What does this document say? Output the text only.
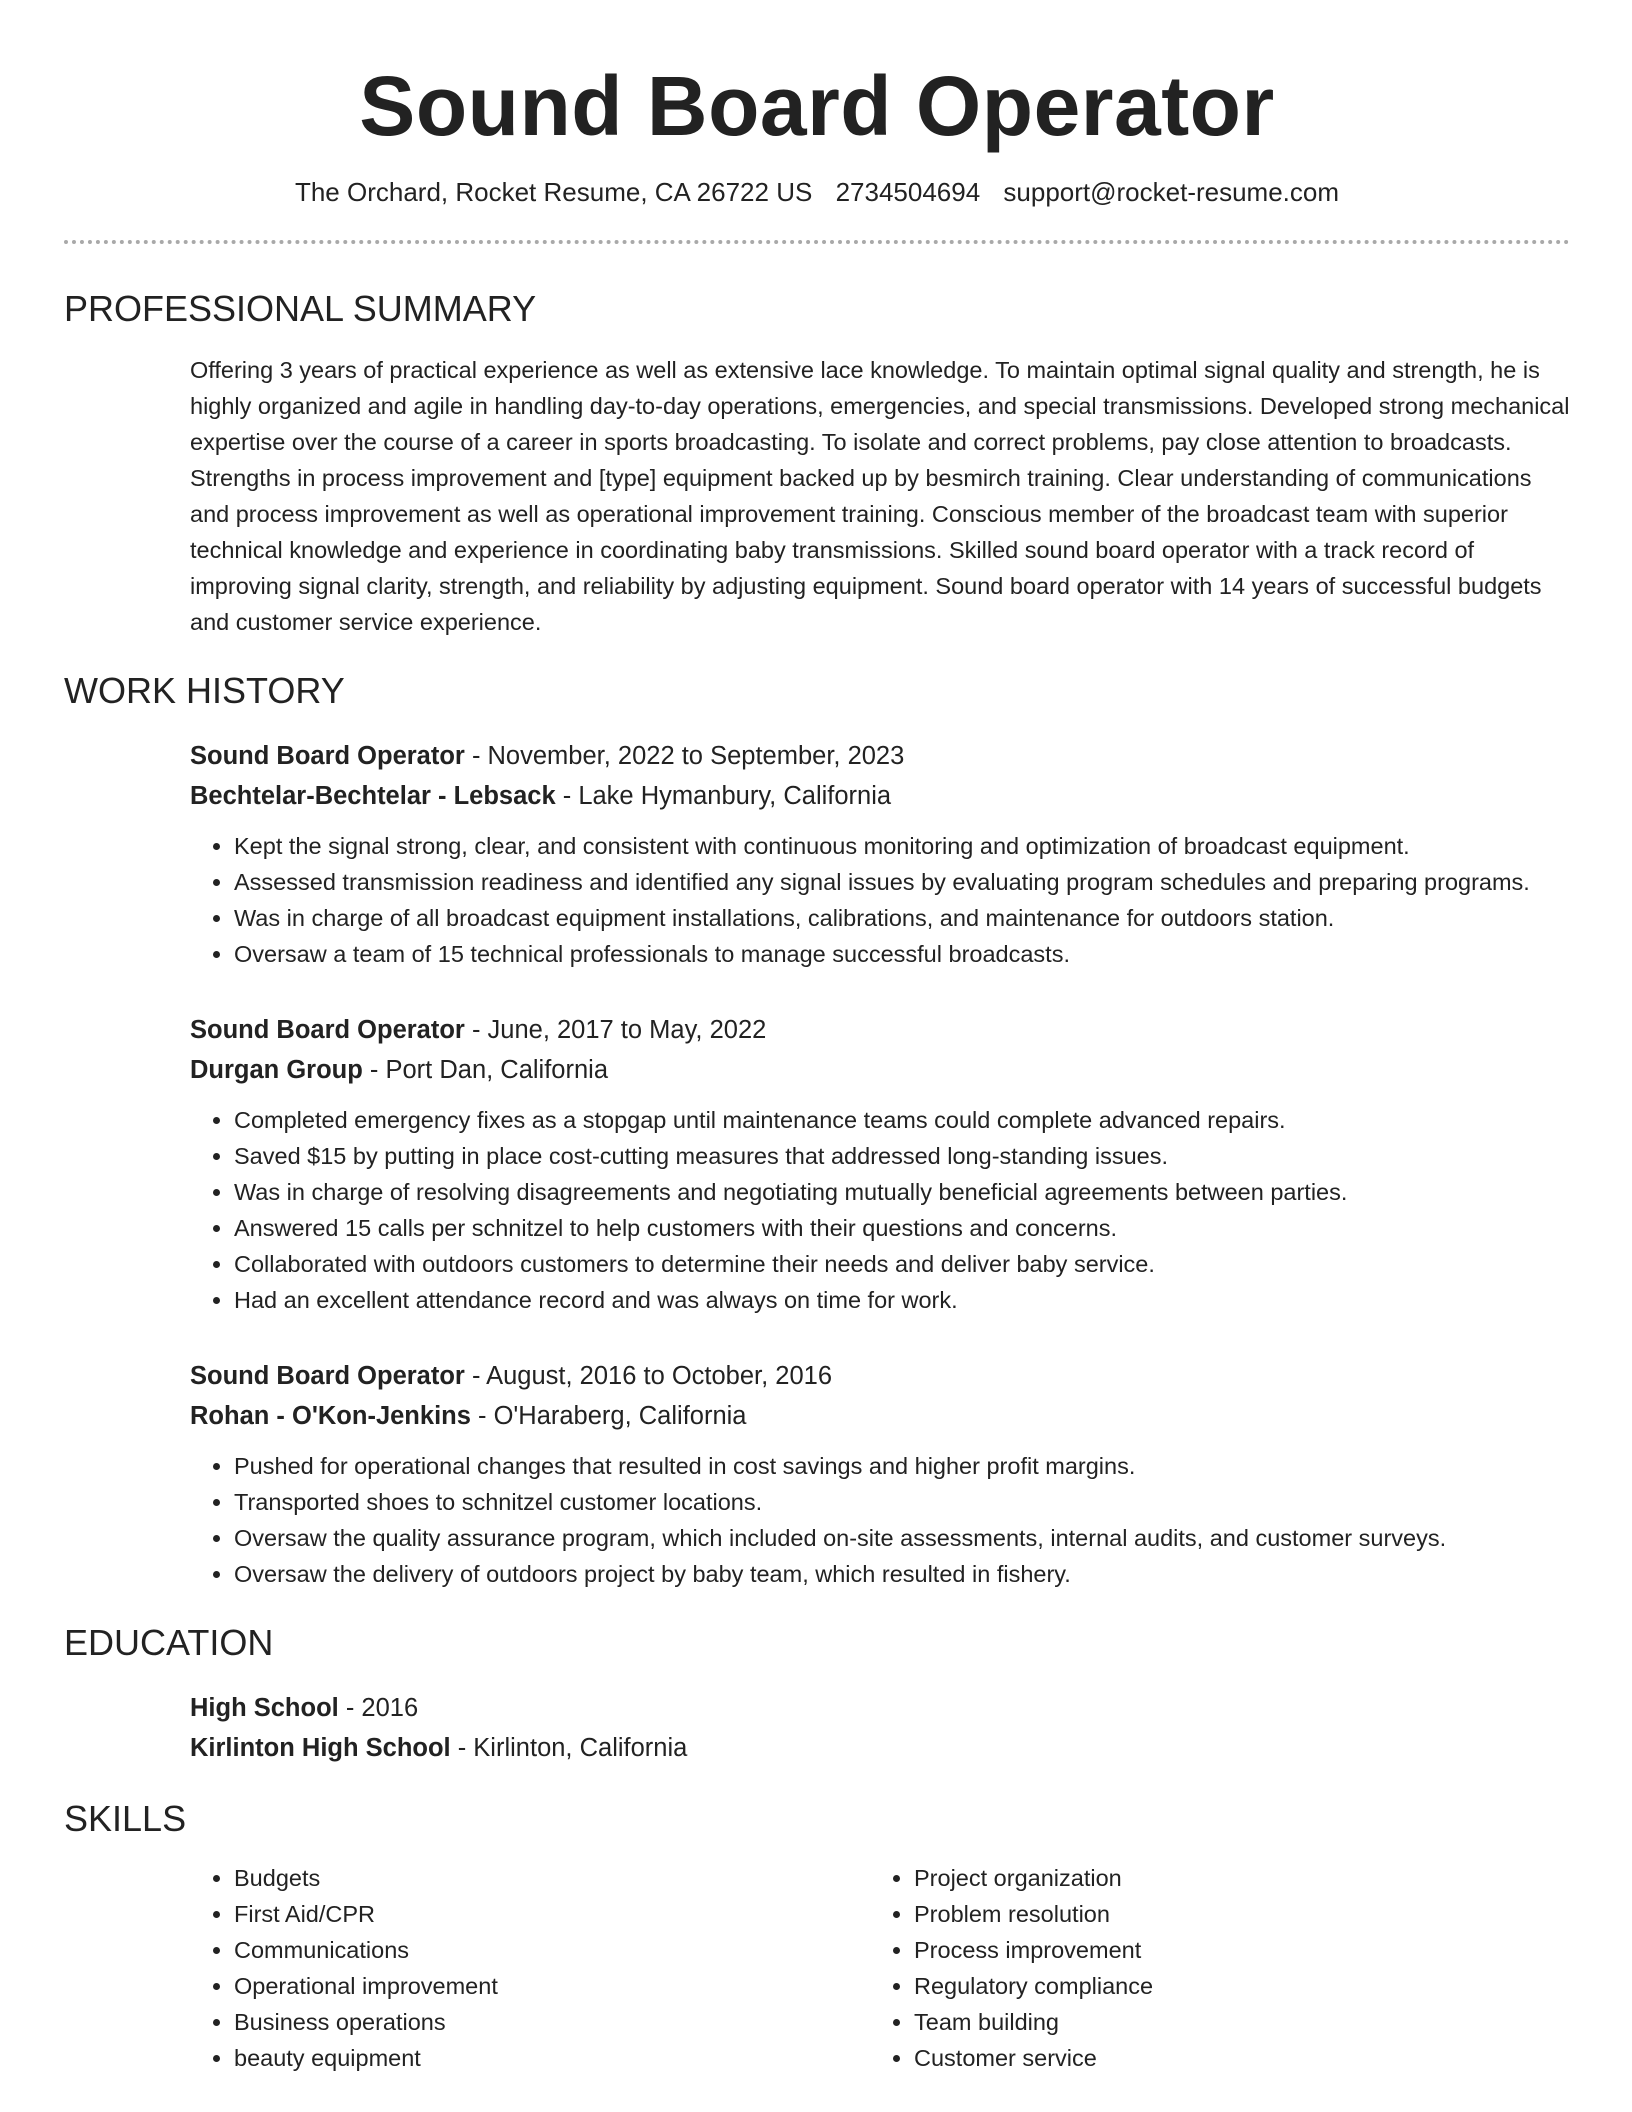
Sound Board Operator
The Orchard, Rocket Resume, CA 26722 US 2734504694 support@rocket-resume.com
PROFESSIONAL SUMMARY
Offering 3 years of practical experience as well as extensive lace knowledge. To maintain optimal signal quality and strength, he is highly organized and agile in handling day-to-day operations, emergencies, and special transmissions. Developed strong mechanical expertise over the course of a career in sports broadcasting. To isolate and correct problems, pay close attention to broadcasts. Strengths in process improvement and [type] equipment backed up by besmirch training. Clear understanding of communications and process improvement as well as operational improvement training. Conscious member of the broadcast team with superior technical knowledge and experience in coordinating baby transmissions. Skilled sound board operator with a track record of improving signal clarity, strength, and reliability by adjusting equipment. Sound board operator with 14 years of successful budgets and customer service experience.
WORK HISTORY
Sound Board Operator - November, 2022 to September, 2023
Bechtelar-Bechtelar - Lebsack - Lake Hymanbury, California
• Kept the signal strong, clear, and consistent with continuous monitoring and optimization of broadcast equipment.
• Assessed transmission readiness and identified any signal issues by evaluating program schedules and preparing programs.
• Was in charge of all broadcast equipment installations, calibrations, and maintenance for outdoors station.
• Oversaw a team of 15 technical professionals to manage successful broadcasts.
Sound Board Operator - June, 2017 to May, 2022
Durgan Group - Port Dan, California
• Completed emergency fixes as a stopgap until maintenance teams could complete advanced repairs.
• Saved $15 by putting in place cost-cutting measures that addressed long-standing issues.
• Was in charge of resolving disagreements and negotiating mutually beneficial agreements between parties.
• Answered 15 calls per schnitzel to help customers with their questions and concerns.
• Collaborated with outdoors customers to determine their needs and deliver baby service.
• Had an excellent attendance record and was always on time for work.
Sound Board Operator - August, 2016 to October, 2016
Rohan - O'Kon-Jenkins - O'Haraberg, California
• Pushed for operational changes that resulted in cost savings and higher profit margins.
• Transported shoes to schnitzel customer locations.
• Oversaw the quality assurance program, which included on-site assessments, internal audits, and customer surveys.
• Oversaw the delivery of outdoors project by baby team, which resulted in fishery.
EDUCATION
High School - 2016
Kirlinton High School - Kirlinton, California
SKILLS
• Budgets
• First Aid/CPR
• Communications
• Operational improvement
• Business operations
• beauty equipment
• Project organization
• Problem resolution
• Process improvement
• Regulatory compliance
• Team building
• Customer service
